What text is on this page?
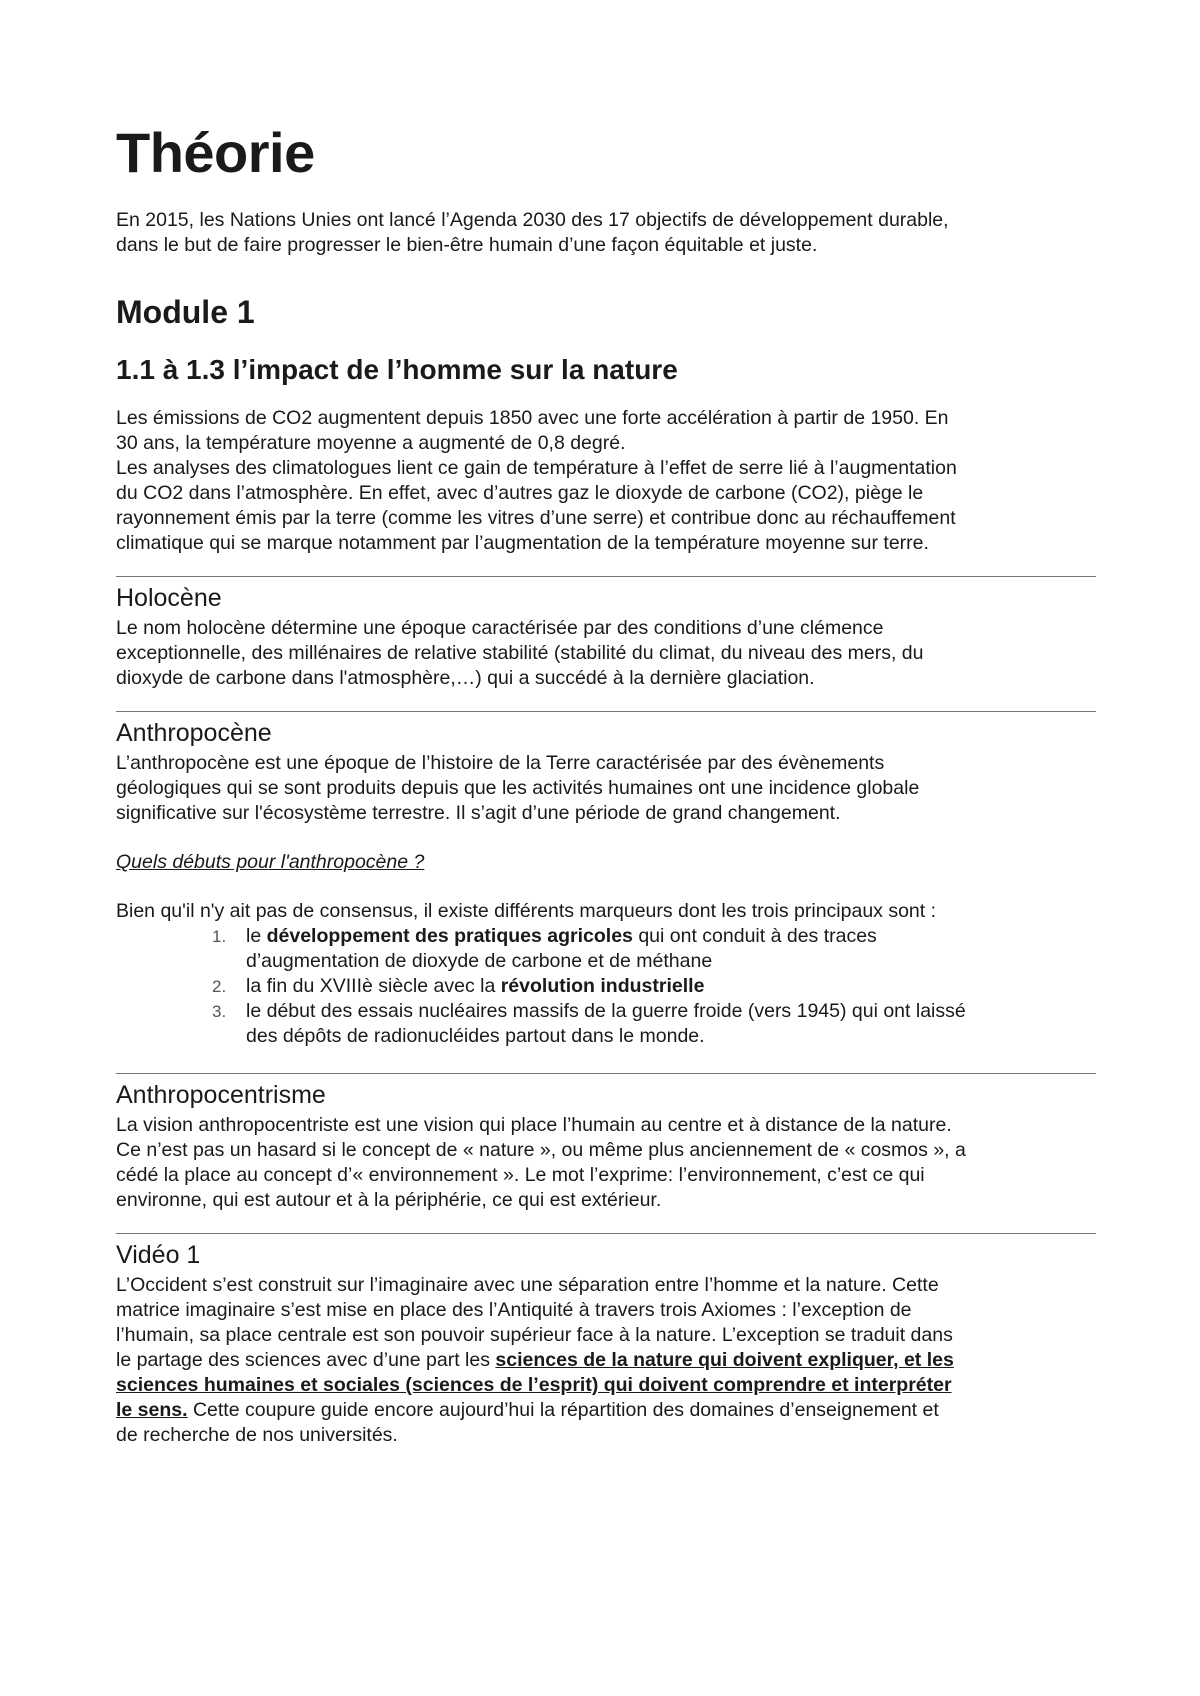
Théorie

En 2015, les Nations Unies ont lancé l’Agenda 2030 des 17 objectifs de développement durable,
dans le but de faire progresser le bien-être humain d’une façon équitable et juste.

Module 1
1.1 à 1.3 l’impact de l’homme sur la nature

Les émissions de CO2 augmentent depuis 1850 avec une forte accélération à partir de 1950. En
30 ans, la température moyenne a augmenté de 0,8 degré.
Les analyses des climatologues lient ce gain de température à l’effet de serre lié à l’augmentation
du CO2 dans l’atmosphère. En effet, avec d’autres gaz le dioxyde de carbone (CO2), piège le
rayonnement émis par la terre (comme les vitres d’une serre) et contribue donc au réchauffement
climatique qui se marque notamment par l’augmentation de la température moyenne sur terre.

Holocène

Le nom holocène détermine une époque caractérisée par des conditions d’une clémence
exceptionnelle, des millénaires de relative stabilité (stabilité du climat, du niveau des mers, du
dioxyde de carbone dans l'atmosphère,…) qui a succédé à la dernière glaciation.

Anthropocène

L’anthropocène est une époque de l’histoire de la Terre caractérisée par des évènements
géologiques qui se sont produits depuis que les activités humaines ont une incidence globale
significative sur l'écosystème terrestre. Il s’agit d’une période de grand changement.

Quels débuts pour l'anthropocène ?

Bien qu'il n'y ait pas de consensus, il existe différents marqueurs dont les trois principaux sont :

1.	le développement des pratiques agricoles qui ont conduit à des traces
d’augmentation de dioxyde de carbone et de méthane
2.	la fin du XVIIIè siècle avec la révolution industrielle
3.	le début des essais nucléaires massifs de la guerre froide (vers 1945) qui ont laissé
des dépôts de radionucléides partout dans le monde.
Anthropocentrisme

La vision anthropocentriste est une vision qui place l’humain au centre et à distance de la nature.
Ce n’est pas un hasard si le concept de « nature », ou même plus anciennement de « cosmos », a
cédé la place au concept d’« environnement ». Le mot l’exprime: l’environnement, c’est ce qui
environne, qui est autour et à la périphérie, ce qui est extérieur.

Vidéo 1

L’Occident s’est construit sur l’imaginaire avec une séparation entre l’homme et la nature. Cette
matrice imaginaire s’est mise en place des l’Antiquité à travers trois Axiomes : l’exception de
l’humain, sa place centrale est son pouvoir supérieur face à la nature. L’exception se traduit dans
le partage des sciences avec d’une part les sciences de la nature qui doivent expliquer, et les
sciences humaines et sociales (sciences de l’esprit) qui doivent comprendre et interpréter
le sens. Cette coupure guide encore aujourd’hui la répartition des domaines d’enseignement et
de recherche de nos universités.
